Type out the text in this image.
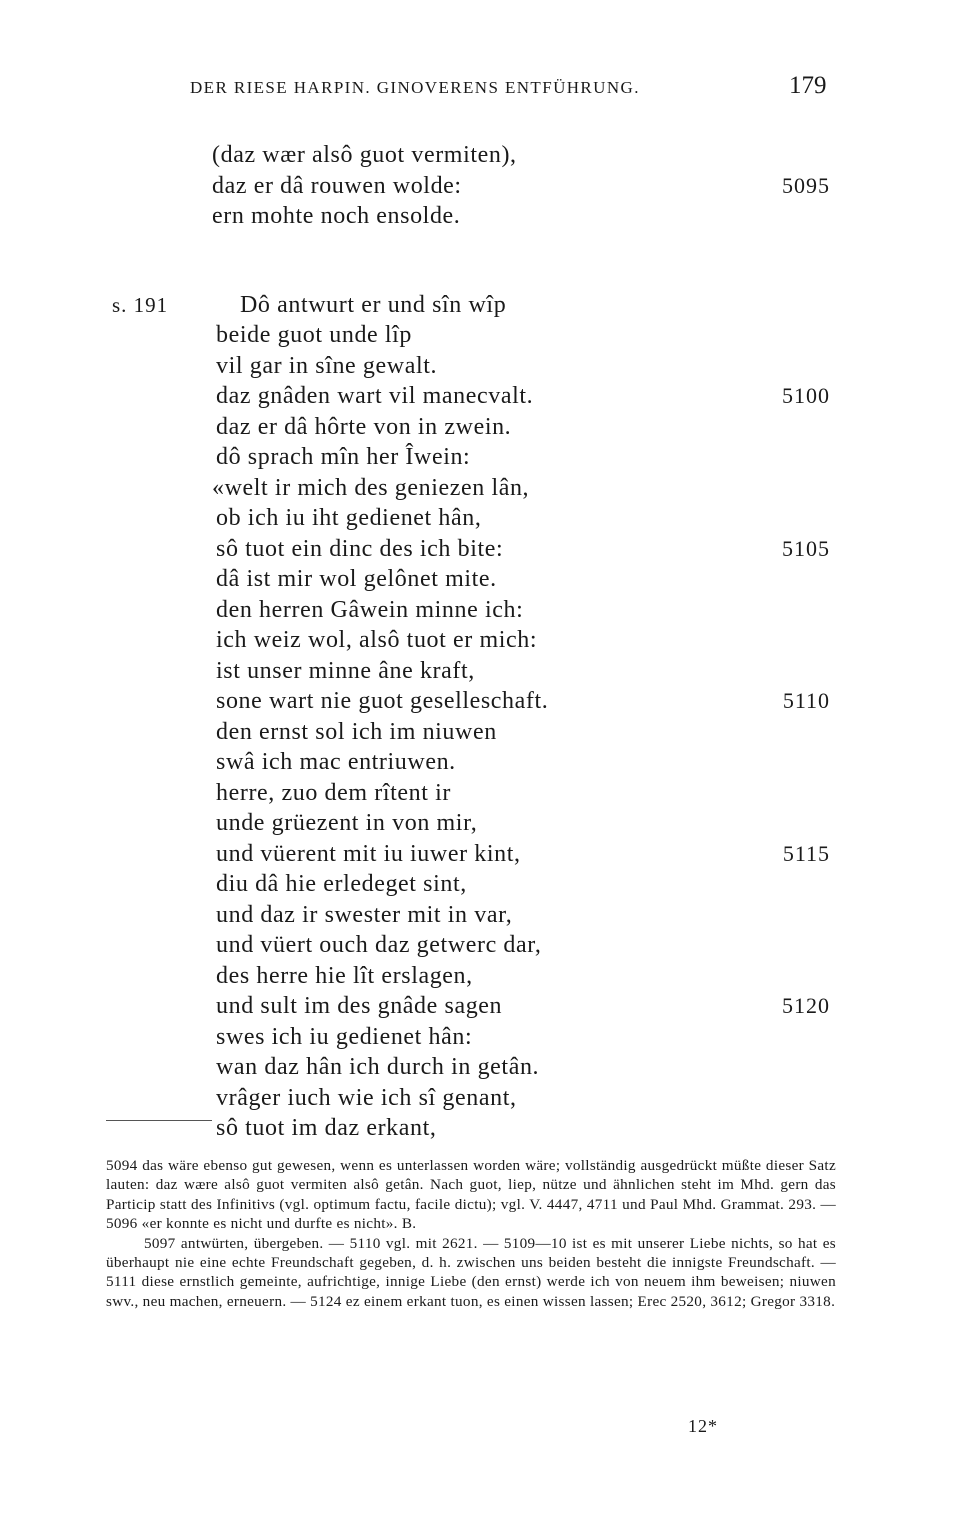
DER RIESE HARPIN. GINOVERENS ENTFÜHRUNG.	179
(daz wær alsô guot vermiten),
daz er dâ rouwen wolde:	5095
ern mohte noch ensolde.
s. 191	Dô antwurt er und sîn wîp
beide guot unde lîp
vil gar in sîne gewalt.
daz gnâden wart vil manecvalt.	5100
daz er dâ hôrte von in zwein.
dô sprach mîn her Îwein:
«welt ir mich des geniezen lân,
ob ich iu iht gedienet hân,
sô tuot ein dinc des ich bite:	5105
dâ ist mir wol gelônet mite.
den herren Gâwein minne ich:
ich weiz wol, alsô tuot er mich:
ist unser minne âne kraft,
sone wart nie guot geselleschaft.	5110
den ernst sol ich im niuwen
swâ ich mac entriuwen.
herre, zuo dem rîtent ir
unde grüezent in von mir,
und vüerent mit iu iuwer kint,	5115
diu dâ hie erledeget sint,
und daz ir swester mit in var,
und vüert ouch daz getwerc dar,
des herre hie lît erslagen,
und sult im des gnâde sagen	5120
swes ich iu gedienet hân:
wan daz hân ich durch in getân.
vrâger iuch wie ich sî genant,
sô tuot im daz erkant,

5094 das wäre ebenso gut gewesen, wenn es unterlassen worden wäre; vollständig ausgedrückt müßte dieser Satz lauten: daz wære alsô guot vermiten alsô getân. Nach guot, liep, nütze und ähnlichen steht im Mhd. gern das Particip statt des Infinitivs (vgl. optimum factu, facile dictu); vgl. V. 4447, 4711 und Paul Mhd. Grammat. 293. — 5096 «er konnte es nicht und durfte es nicht». B.

5097 antwürten, übergeben. — 5110 vgl. mit 2621. — 5109—10 ist es mit unserer Liebe nichts, so hat es überhaupt nie eine echte Freundschaft gegeben, d. h. zwischen uns beiden besteht die innigste Freundschaft. — 5111 diese ernstlich gemeinte, aufrichtige, innige Liebe (den ernst) werde ich von neuem ihm beweisen; niuwen swv., neu machen, erneuern. — 5124 ez einem erkant tuon, es einen wissen lassen; Erec 2520, 3612; Gregor 3318.

12*
